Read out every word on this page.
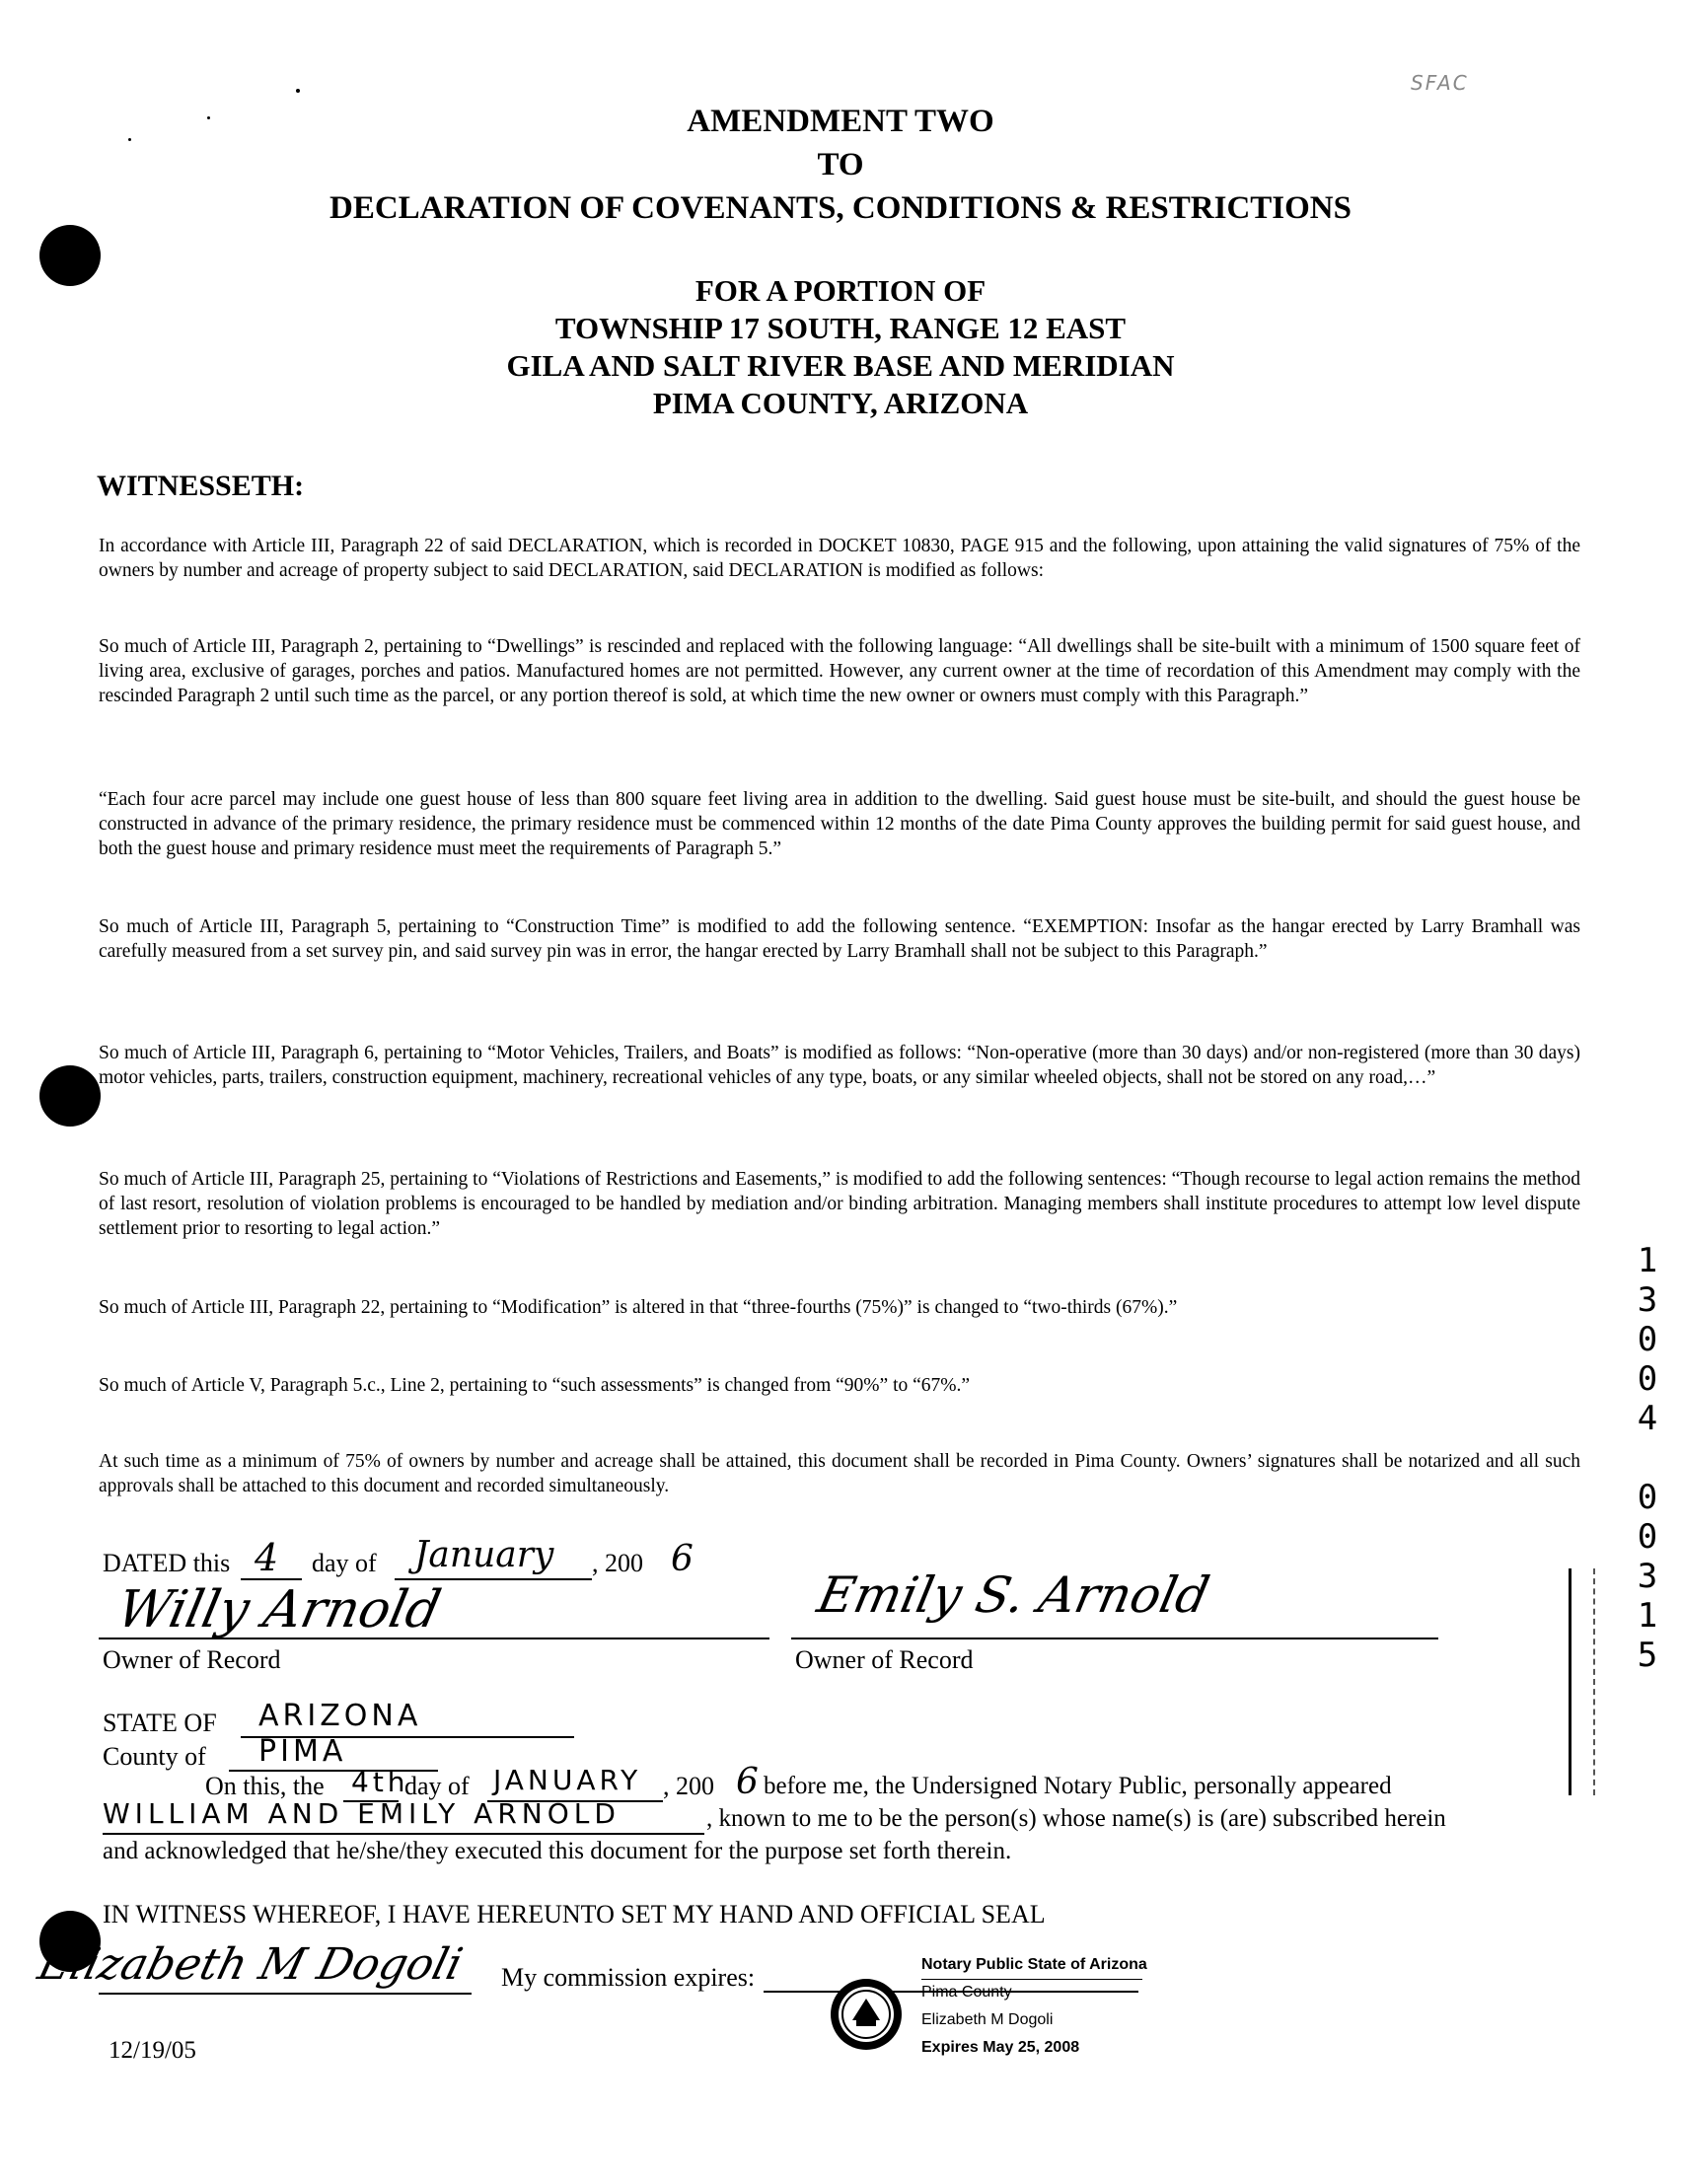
SFAC
AMENDMENT TWO
TO
DECLARATION OF COVENANTS, CONDITIONS & RESTRICTIONS
FOR A PORTION OF
TOWNSHIP 17 SOUTH, RANGE 12 EAST
GILA AND SALT RIVER BASE AND MERIDIAN
PIMA COUNTY, ARIZONA
WITNESSETH:
In accordance with Article III, Paragraph 22 of said DECLARATION, which is recorded in DOCKET 10830, PAGE 915 and the following, upon attaining the valid signatures of 75% of the owners by number and acreage of property subject to said DECLARATION, said DECLARATION is modified as follows:
So much of Article III, Paragraph 2, pertaining to “Dwellings” is rescinded and replaced with the following language: “All dwellings shall be site-built with a minimum of 1500 square feet of living area, exclusive of garages, porches and patios. Manufactured homes are not permitted. However, any current owner at the time of recordation of this Amendment may comply with the rescinded Paragraph 2 until such time as the parcel, or any portion thereof is sold, at which time the new owner or owners must comply with this Paragraph.”
“Each four acre parcel may include one guest house of less than 800 square feet living area in addition to the dwelling. Said guest house must be site-built, and should the guest house be constructed in advance of the primary residence, the primary residence must be commenced within 12 months of the date Pima County approves the building permit for said guest house, and both the guest house and primary residence must meet the requirements of Paragraph 5.”
So much of Article III, Paragraph 5, pertaining to “Construction Time” is modified to add the following sentence. “EXEMPTION: Insofar as the hangar erected by Larry Bramhall was carefully measured from a set survey pin, and said survey pin was in error, the hangar erected by Larry Bramhall shall not be subject to this Paragraph.”
So much of Article III, Paragraph 6, pertaining to “Motor Vehicles, Trailers, and Boats” is modified as follows: “Non-operative (more than 30 days) and/or non-registered (more than 30 days) motor vehicles, parts, trailers, construction equipment, machinery, recreational vehicles of any type, boats, or any similar wheeled objects, shall not be stored on any road,…”
So much of Article III, Paragraph 25, pertaining to “Violations of Restrictions and Easements,” is modified to add the following sentences: “Though recourse to legal action remains the method of last resort, resolution of violation problems is encouraged to be handled by mediation and/or binding arbitration. Managing members shall institute procedures to attempt low level dispute settlement prior to resorting to legal action.”
So much of Article III, Paragraph 22, pertaining to “Modification” is altered in that “three-fourths (75%)” is changed to “two-thirds (67%).”
So much of Article V, Paragraph 5.c., Line 2, pertaining to “such assessments” is changed from “90%” to “67%.”
At such time as a minimum of 75% of owners by number and acreage shall be attained, this document shall be recorded in Pima County. Owners’ signatures shall be notarized and all such approvals shall be attached to this document and recorded simultaneously.	13004 00315
DATED this 4 day of January , 200 6
Willy Arnold
Owner of Record
Emily S. Arnold
Owner of Record
STATE OF ARIZONA
County of PIMA
On this, the 4th
day of JANUARY , 200 6 before me, the Undersigned Notary Public, personally appeared
WILLIAM AND EMILY ARNOLD	, known to me to be the person(s) whose name(s) is (are) subscribed herein
and acknowledged that he/she/they executed this document for the purpose set forth therein.
IN WITNESS WHEREOF, I HAVE HEREUNTO SET MY HAND AND OFFICIAL SEAL
Elizabeth M Dogoli My commission expires:
12/19/05
Notary Public State of Arizona
Pima County
Elizabeth M Dogoli
Expires May 25, 2008
